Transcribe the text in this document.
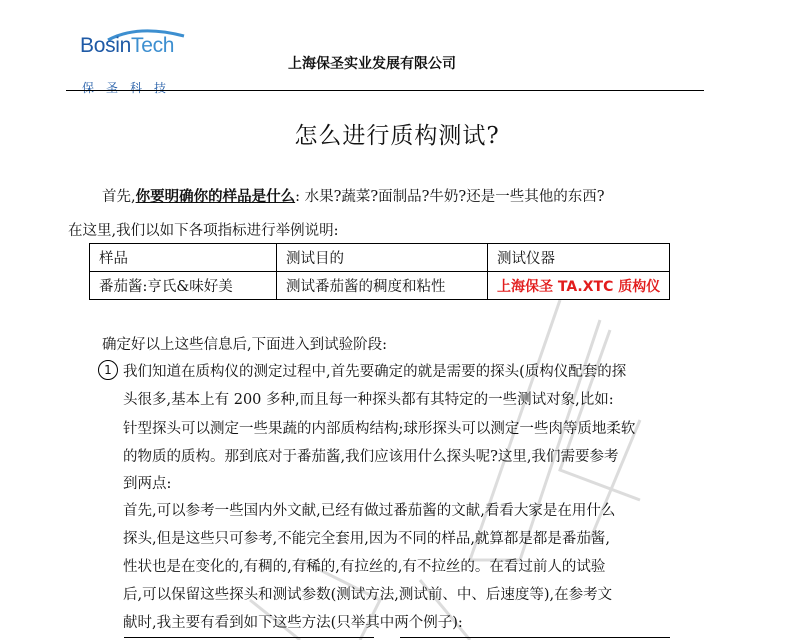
BosinTech
保圣科技
上海保圣实业发展有限公司
怎么进行质构测试?
首先,你要明确你的样品是什么: 水果?蔬菜?面制品?牛奶?还是一些其他的东西?
在这里,我们以如下各项指标进行举例说明:
样品	测试目的	测试仪器
番茄酱:亨氏&味好美	测试番茄酱的稠度和粘性	上海保圣 TA.XTC 质构仪
确定好以上这些信息后,下面进入到试验阶段:
1 我们知道在质构仪的测定过程中,首先要确定的就是需要的探头(质构仪配套的探
头很多,基本上有 200 多种,而且每一种探头都有其特定的一些测试对象,比如:
针型探头可以测定一些果蔬的内部质构结构;球形探头可以测定一些肉等质地柔软
的物质的质构。那到底对于番茄酱,我们应该用什么探头呢?这里,我们需要参考
到两点:
首先,可以参考一些国内外文献,已经有做过番茄酱的文献,看看大家是在用什么
探头,但是这些只可参考,不能完全套用,因为不同的样品,就算都是都是番茄酱,
性状也是在变化的,有稠的,有稀的,有拉丝的,有不拉丝的。在看过前人的试验
后,可以保留这些探头和测试参数(测试方法,测试前、中、后速度等),在参考文
献时,我主要有看到如下这些方法(只举其中两个例子):
